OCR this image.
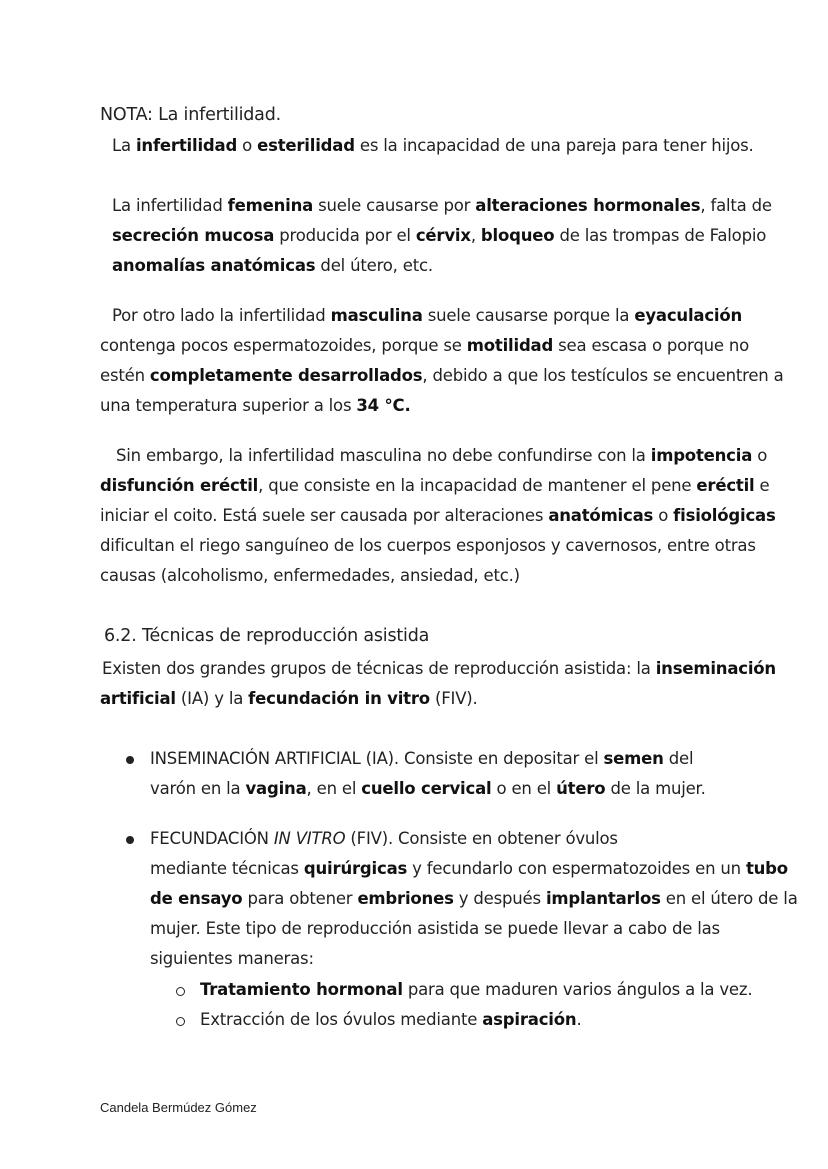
NOTA: La infertilidad.
La infertilidad o esterilidad es la incapacidad de una pareja para tener hijos.
La infertilidad femenina suele causarse por alteraciones hormonales, falta de
secreción mucosa producida por el cérvix, bloqueo de las trompas de Falopio
anomalías anatómicas del útero, etc.
Por otro lado la infertilidad masculina suele causarse porque la eyaculación
contenga pocos espermatozoides, porque se motilidad sea escasa o porque no
estén completamente desarrollados, debido a que los testículos se encuentren a
una temperatura superior a los 34 °C.
Sin embargo, la infertilidad masculina no debe confundirse con la impotencia o
disfunción eréctil, que consiste en la incapacidad de mantener el pene eréctil e
iniciar el coito. Está suele ser causada por alteraciones anatómicas o fisiológicas
dificultan el riego sanguíneo de los cuerpos esponjosos y cavernosos, entre otras
causas (alcoholismo, enfermedades, ansiedad, etc.)
6.2. Técnicas de reproducción asistida
Existen dos grandes grupos de técnicas de reproducción asistida: la inseminación
artificial (IA) y la fecundación in vitro (FIV).
INSEMINACIÓN ARTIFICIAL (IA). Consiste en depositar el semen del
varón en la vagina, en el cuello cervical o en el útero de la mujer.
FECUNDACIÓN IN VITRO (FIV). Consiste en obtener óvulos
mediante técnicas quirúrgicas y fecundarlo con espermatozoides en un tubo
de ensayo para obtener embriones y después implantarlos en el útero de la
mujer. Este tipo de reproducción asistida se puede llevar a cabo de las
siguientes maneras:
Tratamiento hormonal para que maduren varios ángulos a la vez.
Extracción de los óvulos mediante aspiración.
Candela Bermúdez Gómez
